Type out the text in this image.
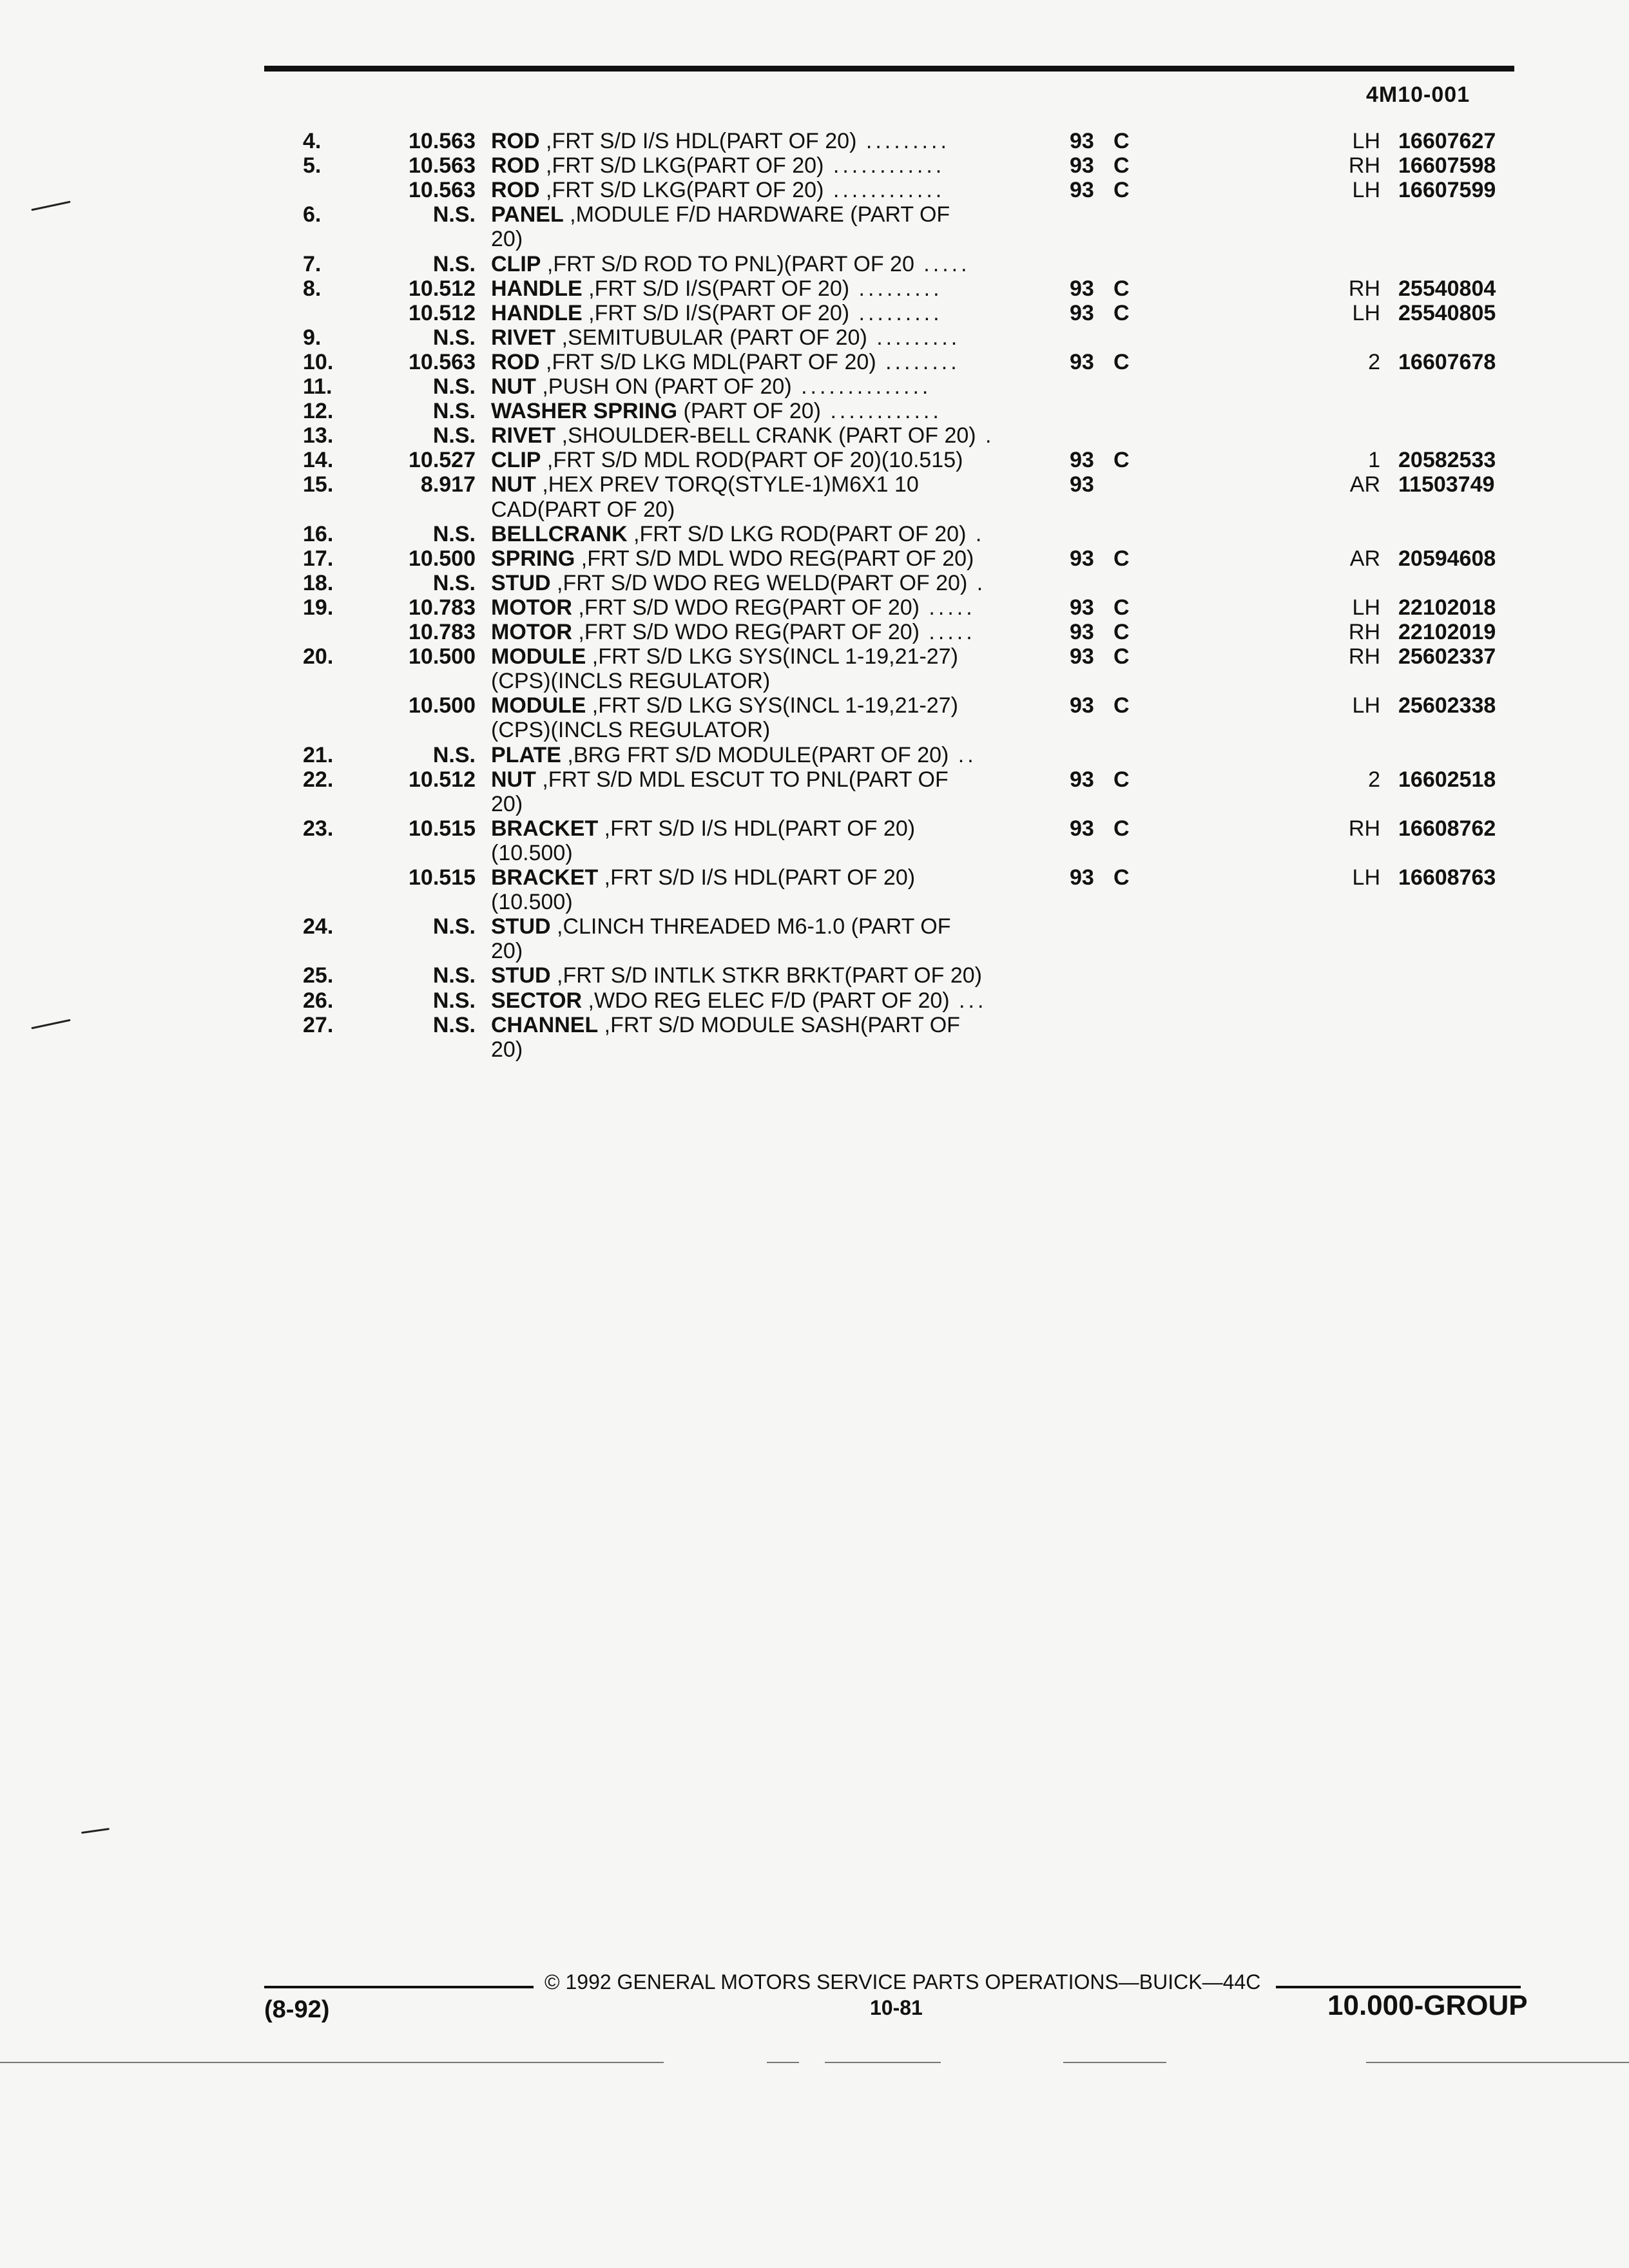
4M10-001
4.	10.563 ROD ,FRT S/D I/S HDL(PART OF 20) .........	93 C	LH 16607627
5.	10.563 ROD ,FRT S/D LKG(PART OF 20) ............	93 C	RH 16607598
10.563 ROD ,FRT S/D LKG(PART OF 20) ............	93 C	LH 16607599
6.	N.S. PANEL ,MODULE F/D HARDWARE (PART OF
20)
7.	N.S. CLIP ,FRT S/D ROD TO PNL)(PART OF 20 .....
8.	10.512 HANDLE ,FRT S/D I/S(PART OF 20) .........	93 C	RH 25540804
10.512 HANDLE ,FRT S/D I/S(PART OF 20) .........	93 C	LH 25540805
9.	N.S. RIVET ,SEMITUBULAR (PART OF 20) .........
10.	10.563 ROD ,FRT S/D LKG MDL(PART OF 20) ........	93 C	2 16607678
11.	N.S. NUT ,PUSH ON (PART OF 20) ..............
12.	N.S. WASHER SPRING (PART OF 20) ............
13.	N.S. RIVET ,SHOULDER-BELL CRANK (PART OF 20) .
14.	10.527 CLIP ,FRT S/D MDL ROD(PART OF 20)(10.515)	93 C	1 20582533
15.	8.917 NUT ,HEX PREV TORQ(STYLE-1)M6X1 10	93	AR 11503749
CAD(PART OF 20)
16.	N.S. BELLCRANK ,FRT S/D LKG ROD(PART OF 20) .
17.	10.500 SPRING ,FRT S/D MDL WDO REG(PART OF 20)	93 C	AR 20594608
18.	N.S. STUD ,FRT S/D WDO REG WELD(PART OF 20) .
19.	10.783 MOTOR ,FRT S/D WDO REG(PART OF 20) .....	93 C	LH 22102018
10.783 MOTOR ,FRT S/D WDO REG(PART OF 20) .....	93 C	RH 22102019
20.	10.500 MODULE ,FRT S/D LKG SYS(INCL 1-19,21-27)	93 C	RH 25602337
(CPS)(INCLS REGULATOR)
10.500 MODULE ,FRT S/D LKG SYS(INCL 1-19,21-27)	93 C	LH 25602338
(CPS)(INCLS REGULATOR)
21.	N.S. PLATE ,BRG FRT S/D MODULE(PART OF 20) ..
22.	10.512 NUT ,FRT S/D MDL ESCUT TO PNL(PART OF	93 C	2 16602518
20)
23.	10.515 BRACKET ,FRT S/D I/S HDL(PART OF 20)	93 C	RH 16608762
(10.500)
10.515 BRACKET ,FRT S/D I/S HDL(PART OF 20)	93 C	LH 16608763
(10.500)
24.	N.S. STUD ,CLINCH THREADED M6-1.0 (PART OF
20)
25.	N.S. STUD ,FRT S/D INTLK STKR BRKT(PART OF 20)
26.	N.S. SECTOR ,WDO REG ELEC F/D (PART OF 20) ...
27.	N.S. CHANNEL ,FRT S/D MODULE SASH(PART OF
20)
© 1992 GENERAL MOTORS SERVICE PARTS OPERATIONS—BUICK—44C
(8-92)	10-81	10.000-GROUP
